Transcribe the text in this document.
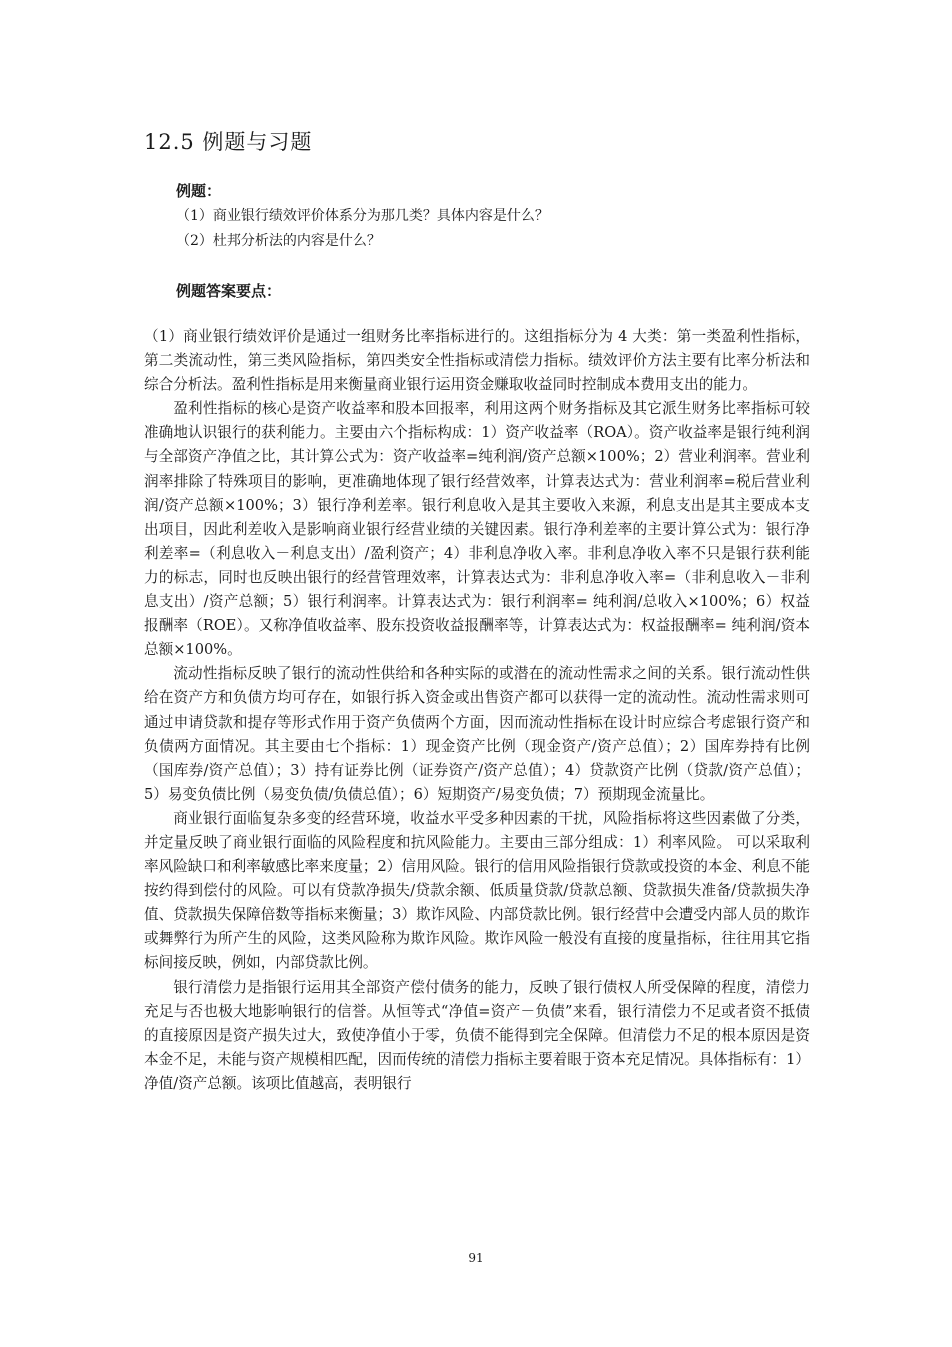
12.5 例题与习题
例题：
（1）商业银行绩效评价体系分为那几类？具体内容是什么？
（2）杜邦分析法的内容是什么？
例题答案要点：

（1）商业银行绩效评价是通过一组财务比率指标进行的。这组指标分为 4 大类：第一类盈利性指标，第二类流动性，第三类风险指标，第四类安全性指标或清偿力指标。绩效评价方法主要有比率分析法和综合分析法。盈利性指标是用来衡量商业银行运用资金赚取收益同时控制成本费用支出的能力。

盈利性指标的核心是资产收益率和股本回报率，利用这两个财务指标及其它派生财务比率指标可较准确地认识银行的获利能力。主要由六个指标构成：1）资产收益率（ROA）。资产收益率是银行纯利润与全部资产净值之比，其计算公式为：资产收益率=纯利润/资产总额×100%；2）营业利润率。营业利润率排除了特殊项目的影响，更准确地体现了银行经营效率，计算表达式为：营业利润率=税后营业利润/资产总额×100%；3）银行净利差率。银行利息收入是其主要收入来源，利息支出是其主要成本支出项目，因此利差收入是影响商业银行经营业绩的关键因素。银行净利差率的主要计算公式为：银行净利差率=（利息收入－利息支出）/盈利资产；4）非利息净收入率。非利息净收入率不只是银行获利能力的标志，同时也反映出银行的经营管理效率，计算表达式为：非利息净收入率=（非利息收入－非利息支出）/资产总额；5）银行利润率。计算表达式为：银行利润率= 纯利润/总收入×100%；6）权益报酬率（ROE）。又称净值收益率、股东投资收益报酬率等，计算表达式为：权益报酬率= 纯利润/资本总额×100%。

流动性指标反映了银行的流动性供给和各种实际的或潜在的流动性需求之间的关系。银行流动性供给在资产方和负债方均可存在，如银行拆入资金或出售资产都可以获得一定的流动性。流动性需求则可通过申请贷款和提存等形式作用于资产负债两个方面，因而流动性指标在设计时应综合考虑银行资产和负债两方面情况。其主要由七个指标：1）现金资产比例（现金资产/资产总值）；2）国库券持有比例（国库券/资产总值）；3）持有证券比例（证券资产/资产总值）；4）贷款资产比例（贷款/资产总值）；5）易变负债比例（易变负债/负债总值）；6）短期资产/易变负债；7）预期现金流量比。

商业银行面临复杂多变的经营环境，收益水平受多种因素的干扰，风险指标将这些因素做了分类，并定量反映了商业银行面临的风险程度和抗风险能力。主要由三部分组成：1）利率风险。 可以采取利率风险缺口和利率敏感比率来度量；2）信用风险。银行的信用风险指银行贷款或投资的本金、利息不能按约得到偿付的风险。可以有贷款净损失/贷款余额、低质量贷款/贷款总额、贷款损失准备/贷款损失净值、贷款损失保障倍数等指标来衡量；3）欺诈风险、内部贷款比例。银行经营中会遭受内部人员的欺诈或舞弊行为所产生的风险，这类风险称为欺诈风险。欺诈风险一般没有直接的度量指标，往往用其它指标间接反映，例如，内部贷款比例。

银行清偿力是指银行运用其全部资产偿付债务的能力，反映了银行债权人所受保障的程度，清偿力充足与否也极大地影响银行的信誉。从恒等式“净值=资产－负债”来看，银行清偿力不足或者资不抵债的直接原因是资产损失过大，致使净值小于零，负债不能得到完全保障。但清偿力不足的根本原因是资本金不足，未能与资产规模相匹配，因而传统的清偿力指标主要着眼于资本充足情况。具体指标有：1）净值/资产总额。该项比值越高，表明银行

91
